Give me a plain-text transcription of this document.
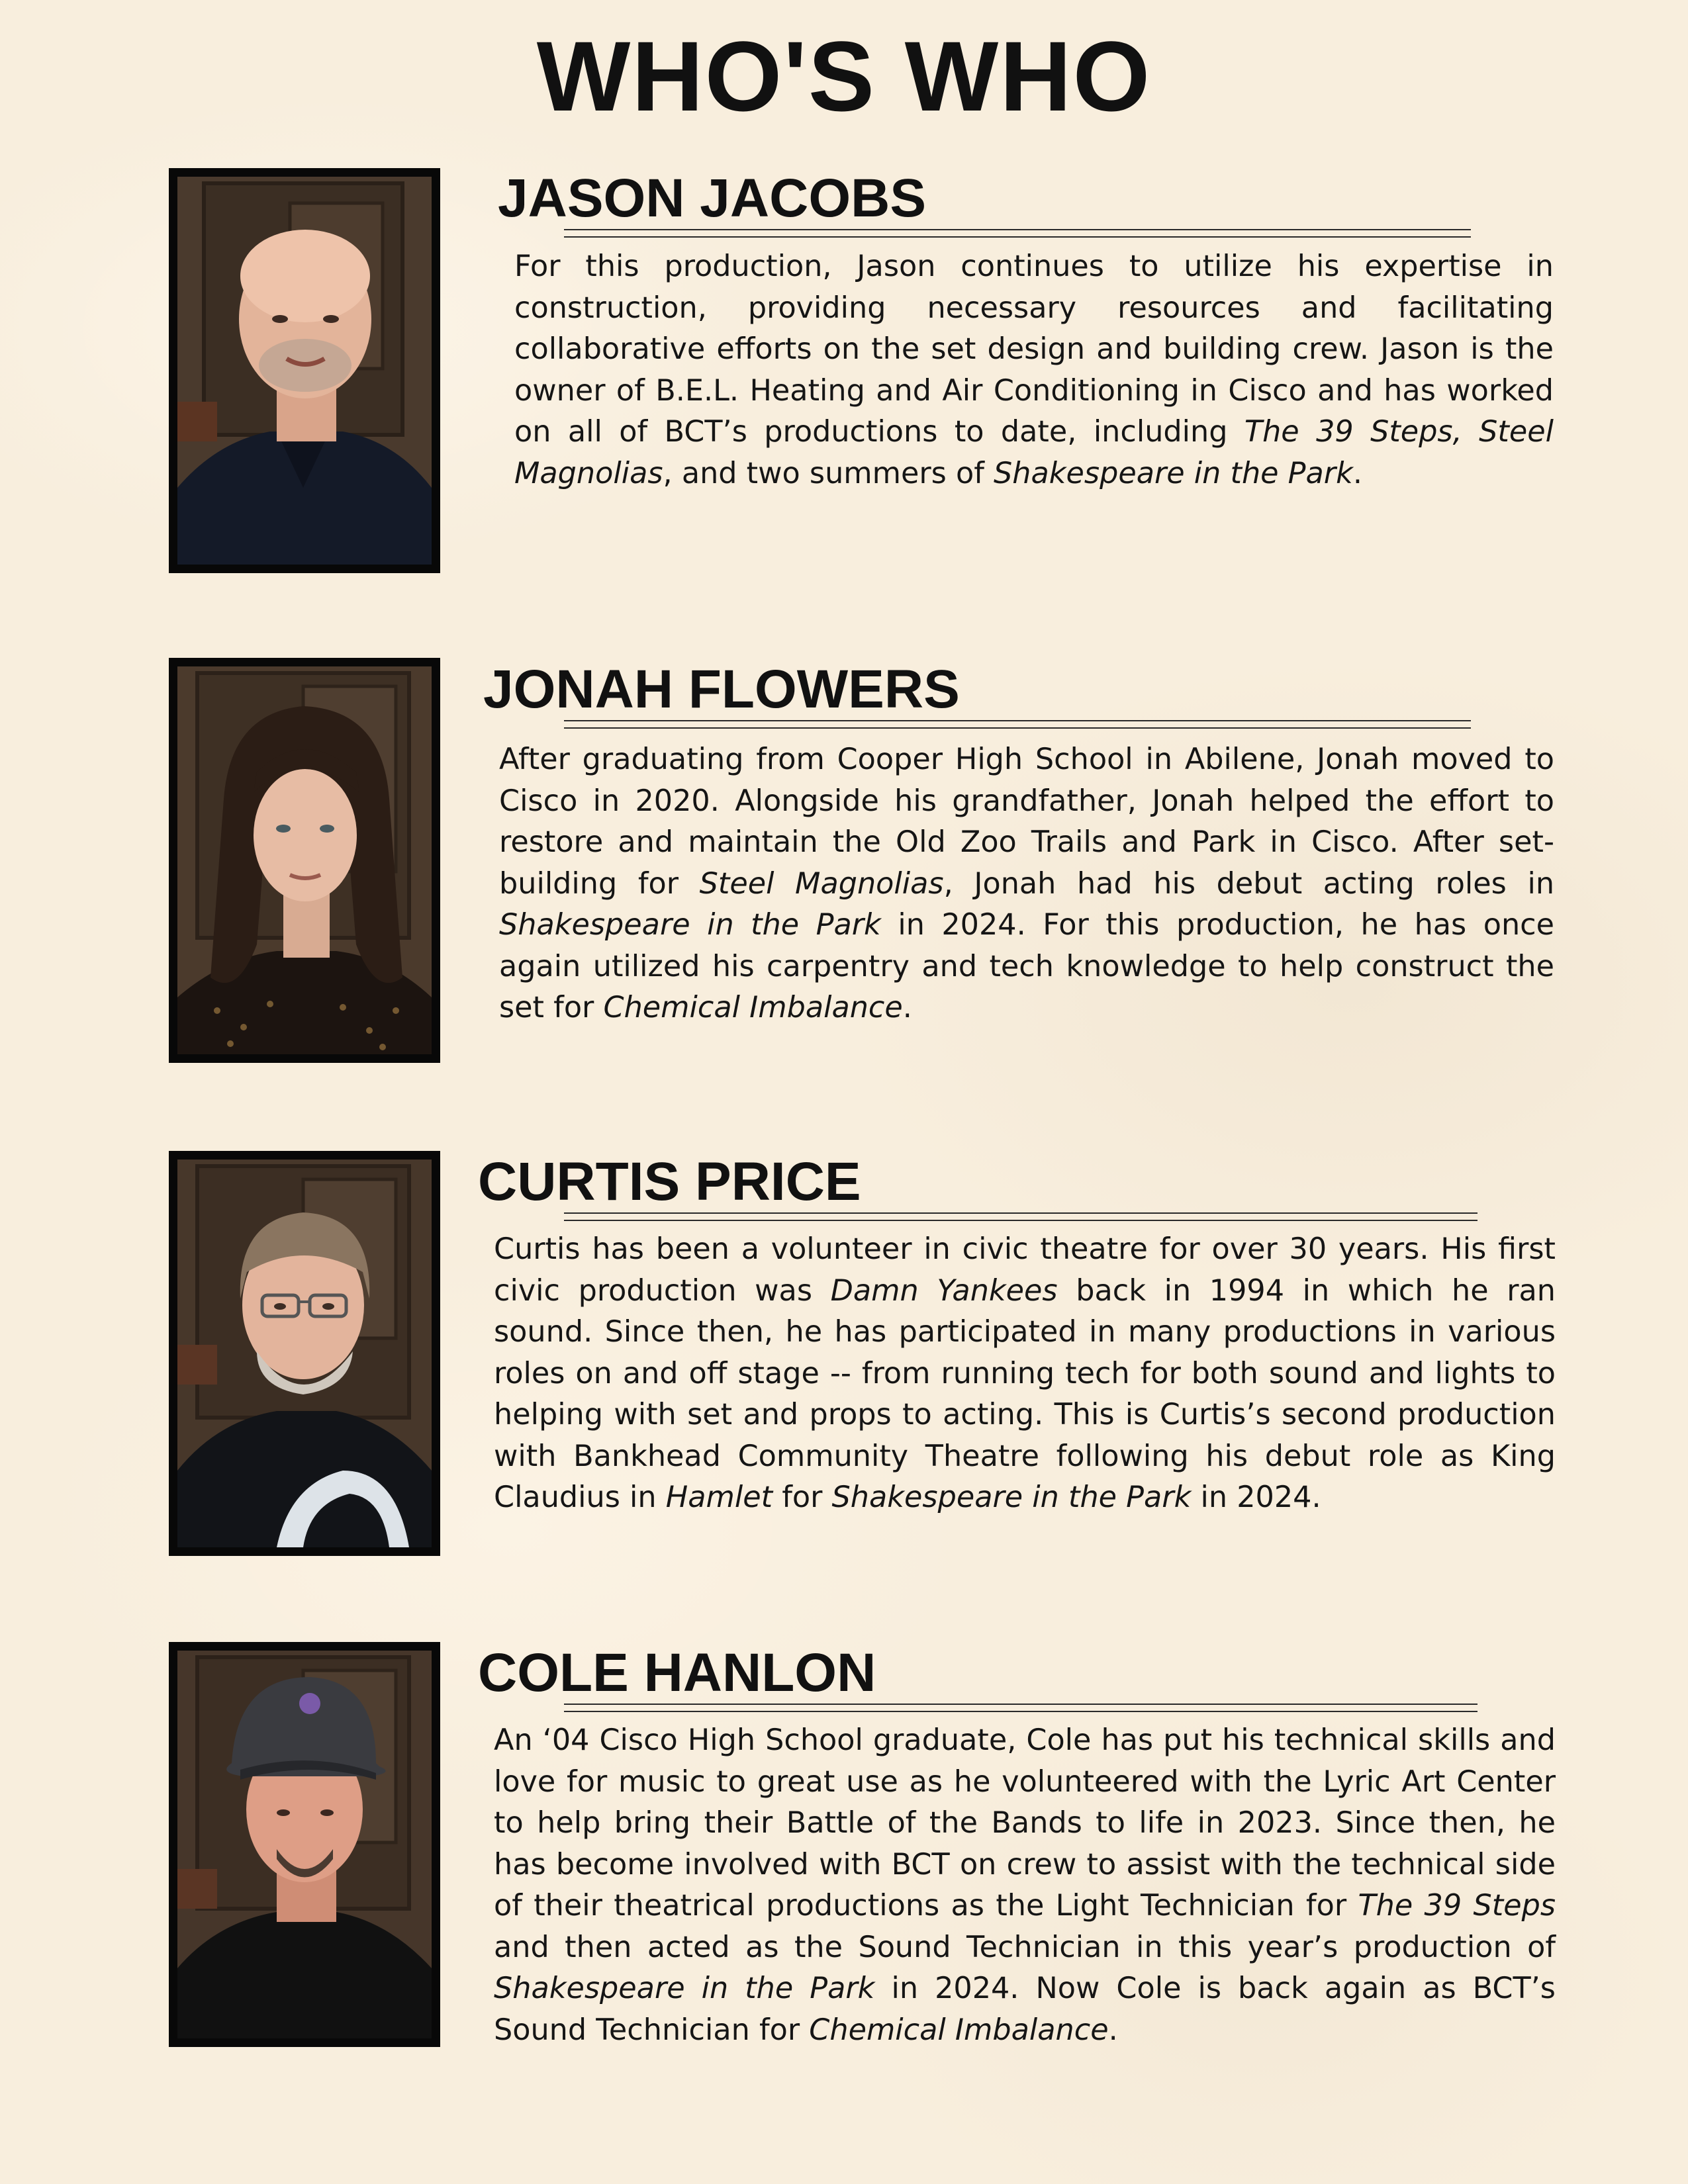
WHO'S WHO
JASON JACOBS

For this production, Jason continues to utilize his expertise in construction, providing necessary resources and facilitating collaborative efforts on the set design and building crew. Jason is the owner of B.E.L. Heating and Air Conditioning in Cisco and has worked on all of BCT’s productions to date, including The 39 Steps, Steel Magnolias, and two summers of Shakespeare in the Park.

JONAH FLOWERS

After graduating from Cooper High School in Abilene, Jonah moved to Cisco in 2020. Alongside his grandfather, Jonah helped the effort to restore and maintain the Old Zoo Trails and Park in Cisco. After set-building for Steel Magnolias, Jonah had his debut acting roles in Shakespeare in the Park in 2024. For this production, he has once again utilized his carpentry and tech knowledge to help construct the set for Chemical Imbalance.

CURTIS PRICE

Curtis has been a volunteer in civic theatre for over 30 years. His first civic production was Damn Yankees back in 1994 in which he ran sound. Since then, he has participated in many productions in various roles on and off stage -- from running tech for both sound and lights to helping with set and props to acting. This is Curtis’s second production with Bankhead Community Theatre following his debut role as King Claudius in Hamlet for Shakespeare in the Park in 2024.

COLE HANLON

An ‘04 Cisco High School graduate, Cole has put his technical skills and love for music to great use as he volunteered with the Lyric Art Center to help bring their Battle of the Bands to life in 2023. Since then, he has become involved with BCT on crew to assist with the technical side of their theatrical productions as the Light Technician for The 39 Steps and then acted as the Sound Technician in this year’s production of Shakespeare in the Park in 2024. Now Cole is back again as BCT’s Sound Technician for Chemical Imbalance.
